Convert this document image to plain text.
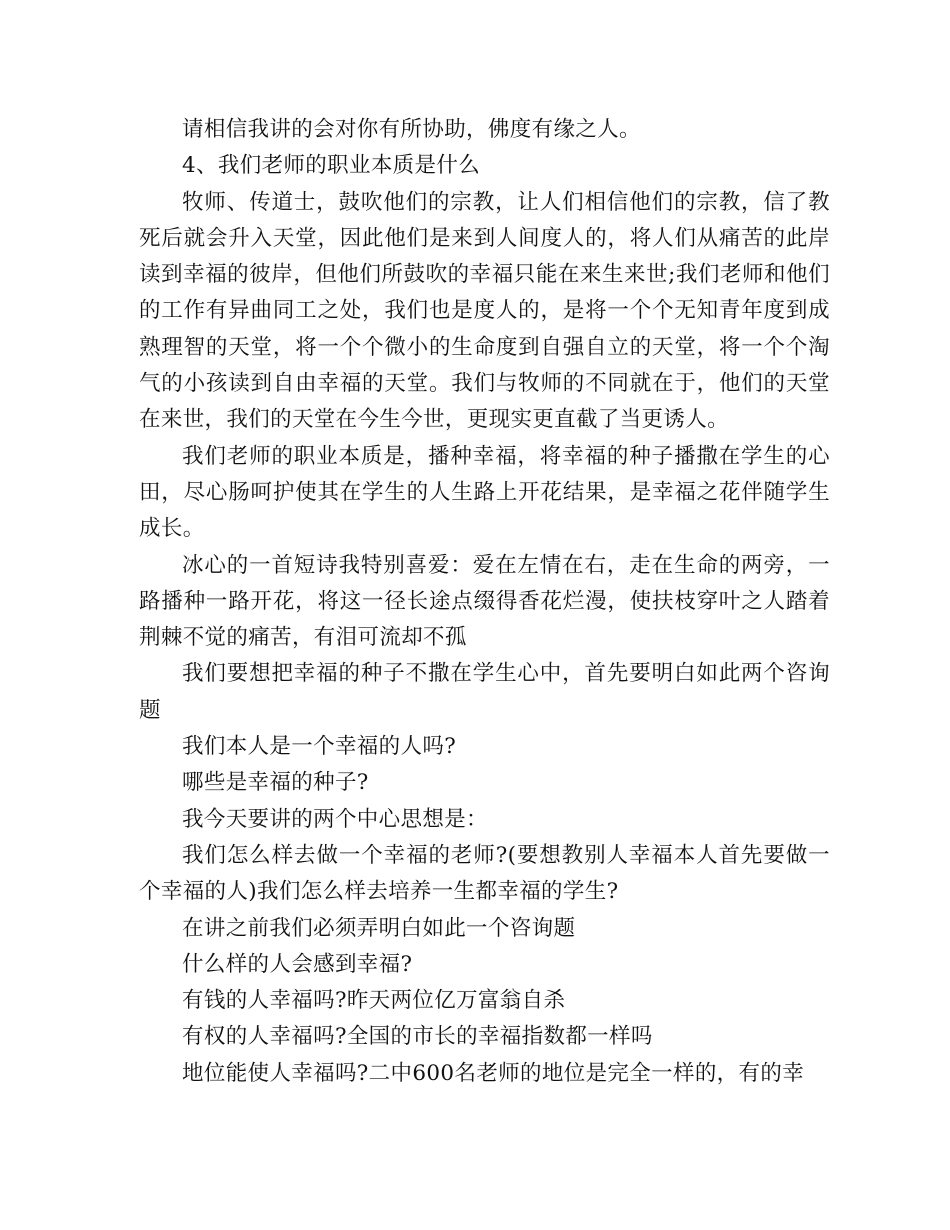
请相信我讲的会对你有所协助，佛度有缘之人。

4、我们老师的职业本质是什么

牧师、传道士，鼓吹他们的宗教，让人们相信他们的宗教，信了教死后就会升入天堂，因此他们是来到人间度人的，将人们从痛苦的此岸读到幸福的彼岸，但他们所鼓吹的幸福只能在来生来世;我们老师和他们的工作有异曲同工之处，我们也是度人的，是将一个个无知青年度到成熟理智的天堂，将一个个微小的生命度到自强自立的天堂，将一个个淘气的小孩读到自由幸福的天堂。我们与牧师的不同就在于，他们的天堂在来世，我们的天堂在今生今世，更现实更直截了当更诱人。

我们老师的职业本质是，播种幸福，将幸福的种子播撒在学生的心田，尽心肠呵护使其在学生的人生路上开花结果，是幸福之花伴随学生成长。

冰心的一首短诗我特别喜爱：爱在左情在右，走在生命的两旁，一路播种一路开花，将这一径长途点缀得香花烂漫，使扶枝穿叶之人踏着荆棘不觉的痛苦，有泪可流却不孤

我们要想把幸福的种子不撒在学生心中，首先要明白如此两个咨询题

我们本人是一个幸福的人吗?

哪些是幸福的种子?

我今天要讲的两个中心思想是：

我们怎么样去做一个幸福的老师?(要想教别人幸福本人首先要做一个幸福的人)我们怎么样去培养一生都幸福的学生?

在讲之前我们必须弄明白如此一个咨询题

什么样的人会感到幸福?

有钱的人幸福吗?昨天两位亿万富翁自杀

有权的人幸福吗?全国的市长的幸福指数都一样吗

地位能使人幸福吗?二中600名老师的地位是完全一样的，有的幸
